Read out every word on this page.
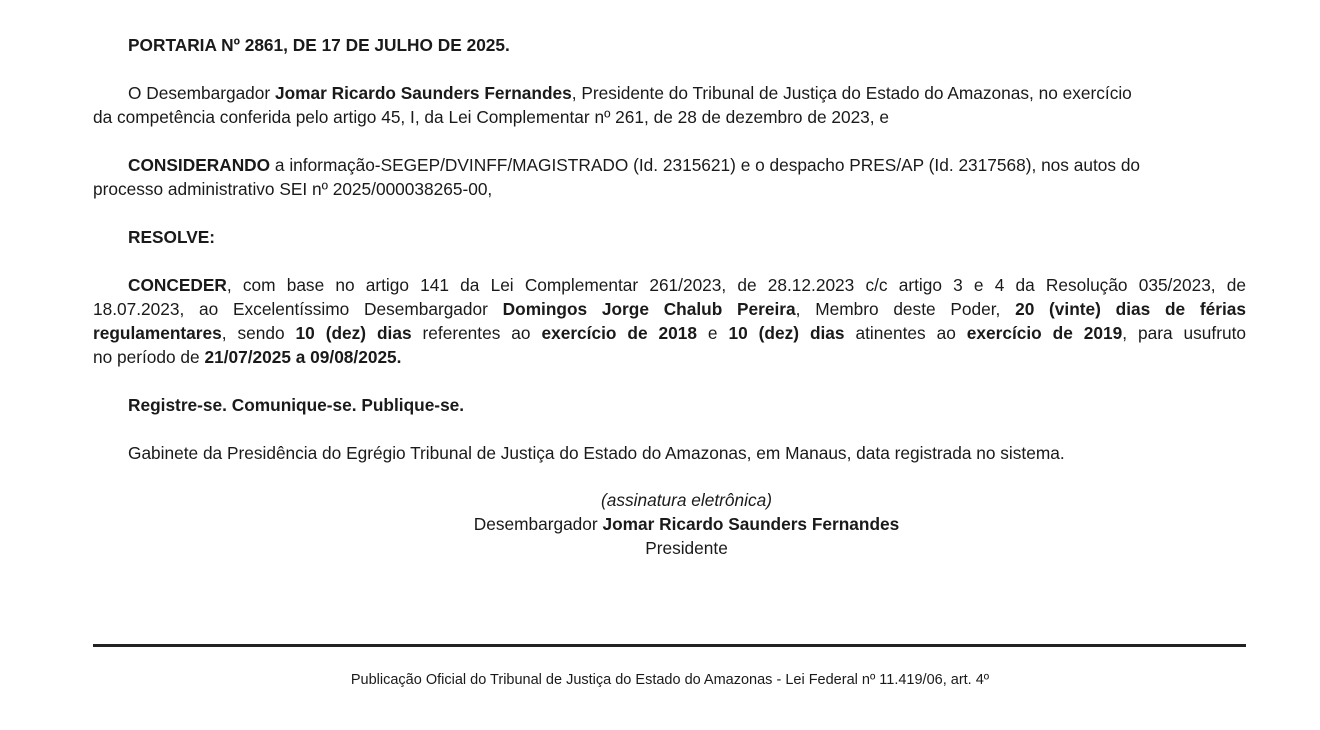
PORTARIA Nº 2861, DE 17 DE JULHO DE 2025.
O Desembargador Jomar Ricardo Saunders Fernandes, Presidente do Tribunal de Justiça do Estado do Amazonas, no exercício
da competência conferida pelo artigo 45, I, da Lei Complementar nº 261, de 28 de dezembro de 2023, e
CONSIDERANDO a informação-SEGEP/DVINFF/MAGISTRADO (Id. 2315621) e o despacho PRES/AP (Id. 2317568), nos autos do
processo administrativo SEI nº 2025/000038265-00,
RESOLVE:
CONCEDER, com base no artigo 141 da Lei Complementar 261/2023, de 28.12.2023 c/c artigo 3 e 4 da Resolução 035/2023, de
18.07.2023, ao Excelentíssimo Desembargador Domingos Jorge Chalub Pereira, Membro deste Poder, 20 (vinte) dias de férias
regulamentares, sendo 10 (dez) dias referentes ao exercício de 2018 e 10 (dez) dias atinentes ao exercício de 2019, para usufruto
no período de 21/07/2025 a 09/08/2025.
Registre-se. Comunique-se. Publique-se.
Gabinete da Presidência do Egrégio Tribunal de Justiça do Estado do Amazonas, em Manaus, data registrada no sistema.
(assinatura eletrônica)
Desembargador Jomar Ricardo Saunders Fernandes
Presidente
Publicação Oficial do Tribunal de Justiça do Estado do Amazonas - Lei Federal nº 11.419/06, art. 4º
